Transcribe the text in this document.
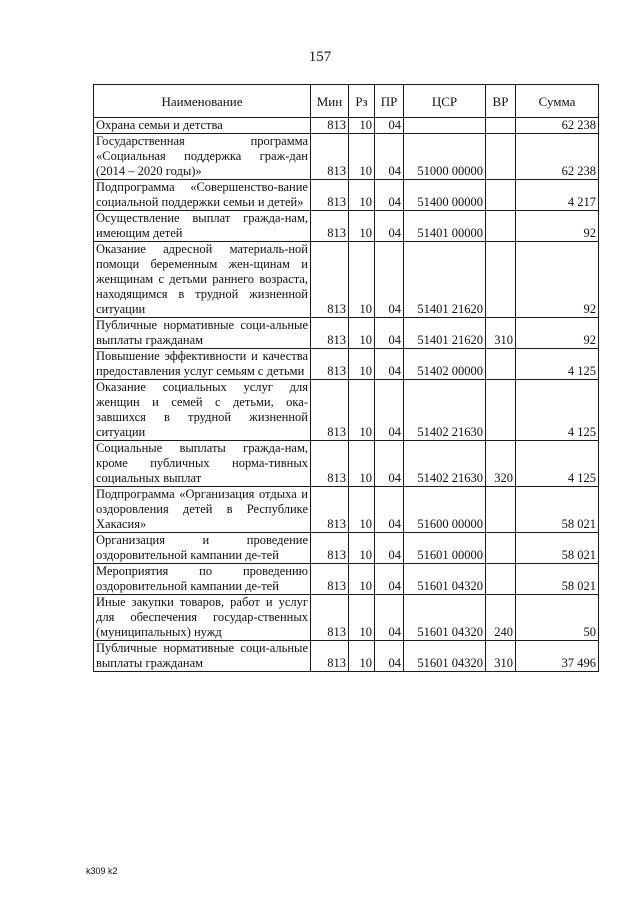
157
Наименование	Мин	Рз	ПР	ЦСР	ВР	Сумма
Охрана семьи и детства	813	10	04			62 238
Государственная программа «Социальная поддержка граж-дан (2014 – 2020 годы)»	813	10	04	51000 00000		62 238
Подпрограмма «Совершенство-вание социальной поддержки семьи и детей»	813	10	04	51400 00000		4 217
Осуществление выплат гражда-нам, имеющим детей	813	10	04	51401 00000		92
Оказание адресной материаль-ной помощи беременным жен-щинам и женщинам с детьми раннего возраста, находящимся в трудной жизненной ситуации	813	10	04	51401 21620		92
Публичные нормативные соци-альные выплаты гражданам	813	10	04	51401 21620	310	92
Повышение эффективности и качества предоставления услуг семьям с детьми	813	10	04	51402 00000		4 125
Оказание социальных услуг для женщин и семей с детьми, ока-завшихся в трудной жизненной ситуации	813	10	04	51402 21630		4 125
Социальные выплаты гражда-нам, кроме публичных норма-тивных социальных выплат	813	10	04	51402 21630	320	4 125
Подпрограмма «Организация отдыха и оздоровления детей в Республике Хакасия»	813	10	04	51600 00000		58 021
Организация и проведение оздоровительной кампании де-тей	813	10	04	51601 00000		58 021
Мероприятия по проведению оздоровительной кампании де-тей	813	10	04	51601 04320		58 021
Иные закупки товаров, работ и услуг для обеспечения государ-ственных (муниципальных) нужд	813	10	04	51601 04320	240	50
Публичные нормативные соци-альные выплаты гражданам	813	10	04	51601 04320	310	37 496
k309 k2
